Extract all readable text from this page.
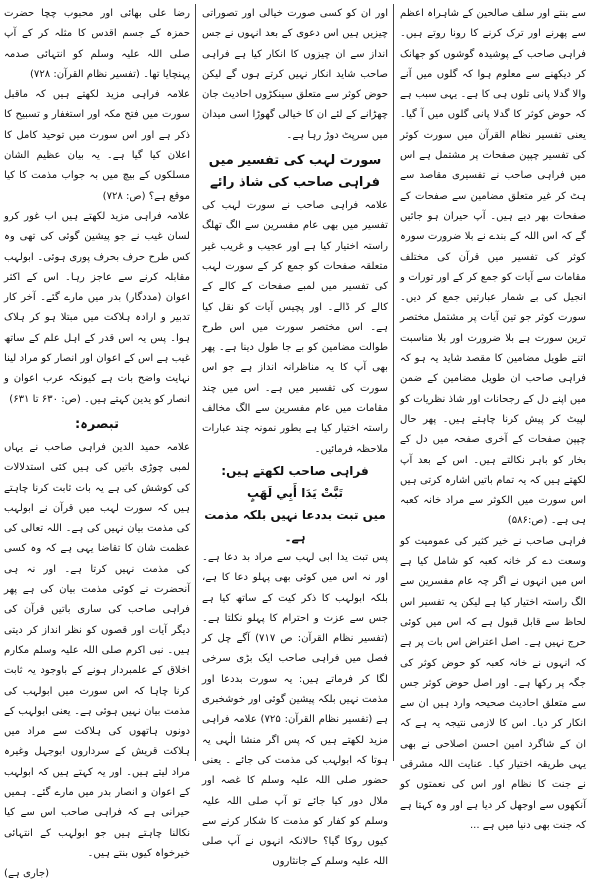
سے بنتے اور سلف صالحین کے شاہراہ اعظم سے پھرنے اور ترک کرنے کا رونا روتے ہیں۔ فراہی صاحب کے پوشیدہ گوشوں کو جھانک کر دیکھنے سے معلوم ہوا کہ گلوں میں آنے والا گدلا پانی تلوں ہی کا ہے۔ یہی سبب ہے کہ حوض کوثر کا گدلا پانی گلوں میں آ گیا۔ یعنی تفسیر نظام القرآن میں سورت کوثر کی تفسیر چپپن صفحات پر مشتمل ہے اس میں فراہی صاحب نے تفسیری مقاصد سے ہٹ کر غیر متعلق مضامین سے صفحات کے صفحات بھر دیے ہیں۔ آپ حیران ہو جائیں گے کہ اس اللہ کے بندے نے بلا ضرورت سورہ کوثر کی تفسیر میں قرآن کی مختلف مقامات سے آیات کو جمع کر کے اور تورات و انجیل کی بے شمار عبارتیں جمع کر دیں۔ سورت کوثر جو تین آیات پر مشتمل مختصر ترین سورت ہے بلا ضرورت اور بلا مناسبت اتنے طویل مضامین کا مقصد شاید یہ ہو کہ فراہی صاحب ان طویل مضامین کے ضمن میں اپنے دل کے رجحانات اور شاذ نظریات کو لپیٹ کر پیش کرنا چاہتے ہیں۔ پھر حال چپپن صفحات کے آخری صفحہ میں دل کے بخار کو باہر نکالتے ہیں۔ اس کے بعد آپ لکھتے ہیں کہ یہ تمام باتیں اشارہ کرتی ہیں اس سورت میں الکوثر سے مراد خانہ کعبہ ہی ہے۔ (ص:۵۸۶)

فراہی صاحب نے خیر کثیر کی عمومیت کو وسعت دے کر خانہ کعبہ کو شامل کیا ہے اس میں انہوں نے اگر چہ عام مفسرین سے الگ راستہ اختیار کیا ہے لیکن یہ تفسیر اس لحاظ سے قابل قبول ہے کہ اس میں کوئی حرج نہیں ہے۔ اصل اعتراض اس بات پر ہے کہ انہوں نے خانہ کعبہ کو حوض کوثر کی جگہ پر رکھا ہے۔ اور اصل حوض کوثر جس سے متعلق احادیث صحیحہ وارد ہیں ان سے انکار کر دیا۔ اس کا لازمی نتیجہ یہ ہے کہ ان کے شاگرد امین احسن اصلاحی نے بھی یہی طریقہ اختیار کیا۔ عنایت اللہ مشرقی نے جنت کا نظام اور اس کی نعمتوں کو آنکھوں سے اوجھل کر دیا ہے اور وہ کہتا ہے کہ جنت بھی دنیا میں ہے ...

اور ان کو کسی صورت خیالی اور تصوراتی چیزیں ہیں اس دعوی کے بعد انہوں نے جس انداز سے ان چیزوں کا انکار کیا ہے فراہی صاحب شاید انکار نہیں کرتے ہوں گے لیکن حوض کوثر سے متعلق سینکڑوں احادیث جان چھڑانے کے لئے ان کا خیالی گھوڑا اسی میدان میں سرپٹ دوڑ رہا ہے۔

سورت لہب کی تفسیر میں فراہی صاحب کی شاذ رائے

علامہ فراہی صاحب نے سورت لہب کی تفسیر میں بھی عام مفسرین سے الگ تھلگ راستہ اختیار کیا ہے اور عجیب و غریب غیر متعلقہ صفحات کو جمع کر کے سورت لہب کی تفسیر میں لمبے صفحات کے کالے کے کالے کر ڈالے۔ اور پچیس آیات کو نقل کیا ہے۔ اس مختصر سورت میں اس طرح طوالت مضامین کو بے جا طول دینا ہے۔ پھر بھی آپ کا یہ مناظرانہ انداز ہے جو اس سورت کی تفسیر میں ہے۔ اس میں چند مقامات میں عام مفسرین سے الگ مخالف راستہ اختیار کیا ہے بطور نمونہ چند عبارات ملاحظہ فرمائیں۔

فراہی صاحب لکھتے ہیں:

تَبَّتْ يَدَا أَبِي لَهَبٍ

میں تبت بددعا نہیں بلکہ مذمت ہے۔

پس تبت یدا ابی لہب سے مراد بد دعا ہے۔ اور نہ اس میں کوئی بھی پہلو دعا کا ہے، بلکہ ابولہب کا ذکر کیت کے ساتھ کیا ہے جس سے عزت و احترام کا پہلو نکلتا ہے۔ (تفسیر نظام القرآن: ص ۷۱۷) آگے چل کر فصل میں فراہی صاحب ایک بڑی سرخی لگا کر فرماتے ہیں: یہ سورت بددعا اور مذمت نہیں بلکہ پیشین گوئی اور خوشخبری ہے (تفسیر نظام القرآن: ۷۲۵) علامہ فراہی مزید لکھتے ہیں کہ پس اگر منشا الٰہی یہ ہوتا کہ ابولہب کی مذمت کی جائے ۔ یعنی حضور صلی اللہ علیہ وسلم کا غصہ اور ملال دور کیا جائے تو آپ صلی اللہ علیہ وسلم کو کفار کو مذمت کا شکار کرنے سے کیوں روکا گیا؟ حالانکہ انہوں نے آپ صلی اللہ علیہ وسلم کے جانثاروں

رضا علی بھائی اور محبوب چچا حضرت حمزہ کے جسم اقدس کا مثلہ کر کے آپ صلی اللہ علیہ وسلم کو انتہائی صدمہ پہنچایا تھا۔ (تفسیر نظام القرآن: ۷۲۸)

علامہ فراہی مزید لکھتے ہیں کہ ماقبل سورت میں فتح مکہ اور استغفار و تسبیح کا ذکر ہے اور اس سورت میں توحید کامل کا اعلان کیا گیا ہے۔ یہ بیان عظیم الشان مسلکوں کے بیچ میں بہ جواب مذمت کا کیا موقع ہے؟ (ص: ۷۲۸)

علامہ فراہی مزید لکھتے ہیں اب غور کرو لسان غیب نے جو پیشین گوئی کی تھی وہ کس طرح حرف بحرف پوری ہوئی۔ ابولہب مقابلہ کرنے سے عاجز رہا۔ اس کے اکثر اعوان (مددگار) بدر میں مارے گئے۔ آخر کار تدبیر و ارادہ ہلاکت میں مبتلا ہو کر ہلاک ہوا۔ پس یہ اس قدر کے اہل علم کے ساتھ غیب ہے اس کے اعوان اور انصار کو مراد لینا نہایت واضح بات ہے کیونکہ عرب اعوان و انصار کو یدین کہتے ہیں۔ (ص: ۶۳۰ تا ۶۳۱)

تبصرہ:

علامہ حمید الدین فراہی صاحب نے یہاں لمبی چوڑی باتیں کی ہیں کئی استدلالات کی کوشش کی ہے یہ بات ثابت کرنا چاہتے ہیں کہ سورت لہب میں قرآن نے ابولہب کی مذمت بیان نہیں کی ہے۔ اللہ تعالی کی عظمت شان کا تقاضا یہی ہے کہ وہ کسی کی مذمت نہیں کرتا ہے۔ اور نہ ہی آنحضرت نے کوئی مذمت بیان کی ہے پھر فراہی صاحب کی ساری باتیں قرآن کی دیگر آیات اور قصوں کو نظر انداز کر دیتی ہیں۔ نبی اکرم صلی اللہ علیہ وسلم مکارم اخلاق کے علمبردار ہونے کے باوجود یہ ثابت کرنا چاہا کہ اس سورت میں ابولہب کی مذمت بیان نہیں ہوئی ہے۔ یعنی ابولہب کے دونوں ہاتھوں کی ہلاکت سے مراد میں ہلاکت قریش کے سرداروں ابوجہل وغیرہ مراد لیتے ہیں۔ اور یہ کہتے ہیں کہ ابولہب کے اعوان و انصار بدر میں مارے گئے۔ ہمیں حیرانی ہے کہ فراہی صاحب اس سے کیا نکالنا چاہتے ہیں جو ابولہب کے انتہائی خیرخواہ کیوں بنتے ہیں۔

(جاری ہے)
